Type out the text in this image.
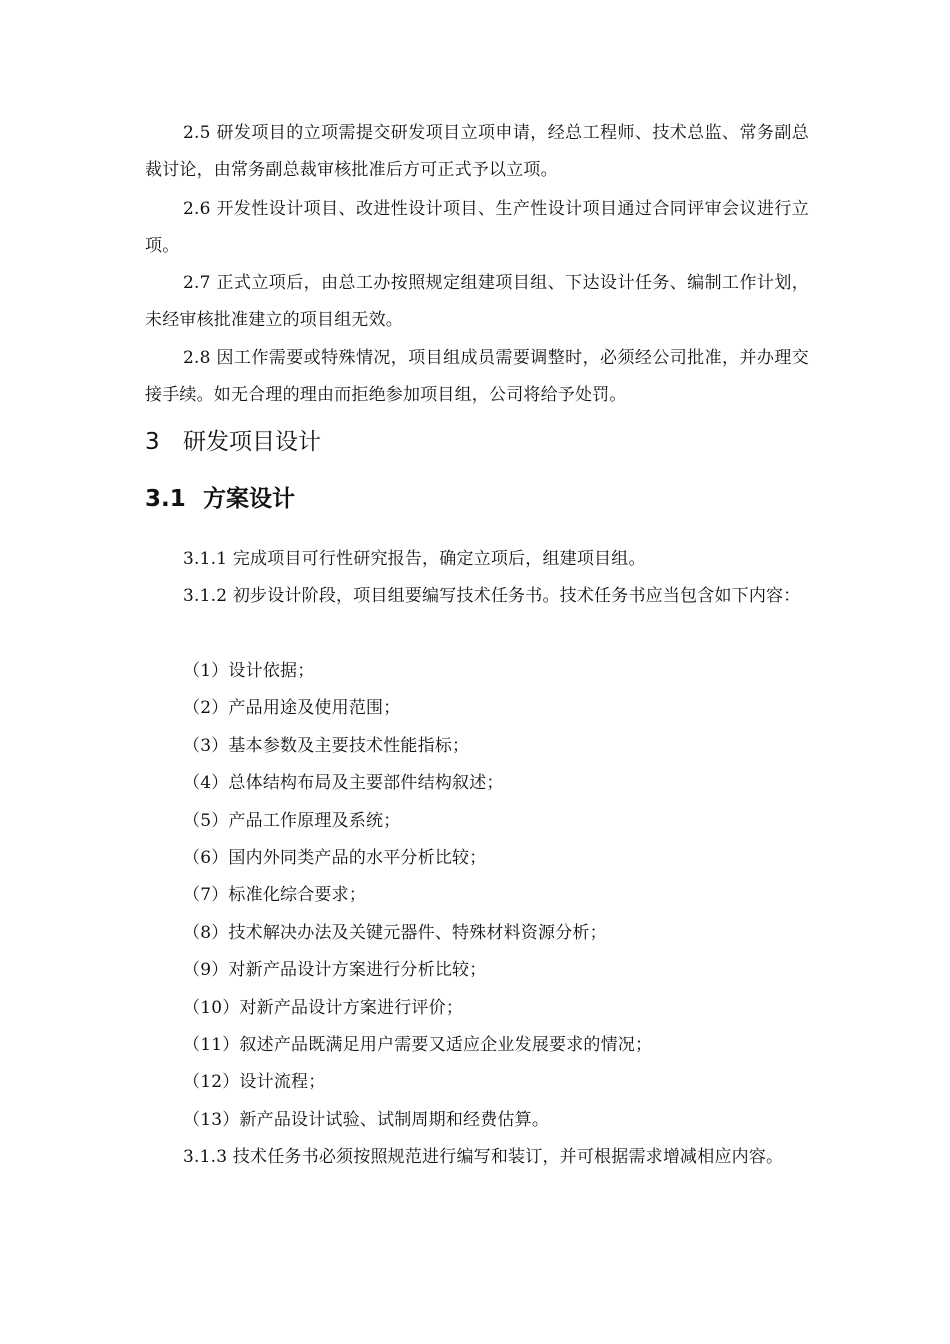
2.5 研发项目的立项需提交研发项目立项申请，经总工程师、技术总监、常务副总裁讨论，由常务副总裁审核批准后方可正式予以立项。

2.6 开发性设计项目、改进性设计项目、生产性设计项目通过合同评审会议进行立项。

2.7 正式立项后，由总工办按照规定组建项目组、下达设计任务、编制工作计划，未经审核批准建立的项目组无效。

2.8 因工作需要或特殊情况，项目组成员需要调整时，必须经公司批准，并办理交接手续。如无合理的理由而拒绝参加项目组，公司将给予处罚。

3 研发项目设计
3.1 方案设计

3.1.1 完成项目可行性研究报告，确定立项后，组建项目组。

3.1.2 初步设计阶段，项目组要编写技术任务书。技术任务书应当包含如下内容：

（1）设计依据；

（2）产品用途及使用范围；

（3）基本参数及主要技术性能指标；

（4）总体结构布局及主要部件结构叙述；

（5）产品工作原理及系统；

（6）国内外同类产品的水平分析比较；

（7）标准化综合要求；

（8）技术解决办法及关键元器件、特殊材料资源分析；

（9）对新产品设计方案进行分析比较；

（10）对新产品设计方案进行评价；

（11）叙述产品既满足用户需要又适应企业发展要求的情况；

（12）设计流程；

（13）新产品设计试验、试制周期和经费估算。

3.1.3 技术任务书必须按照规范进行编写和装订，并可根据需求增减相应内容。
